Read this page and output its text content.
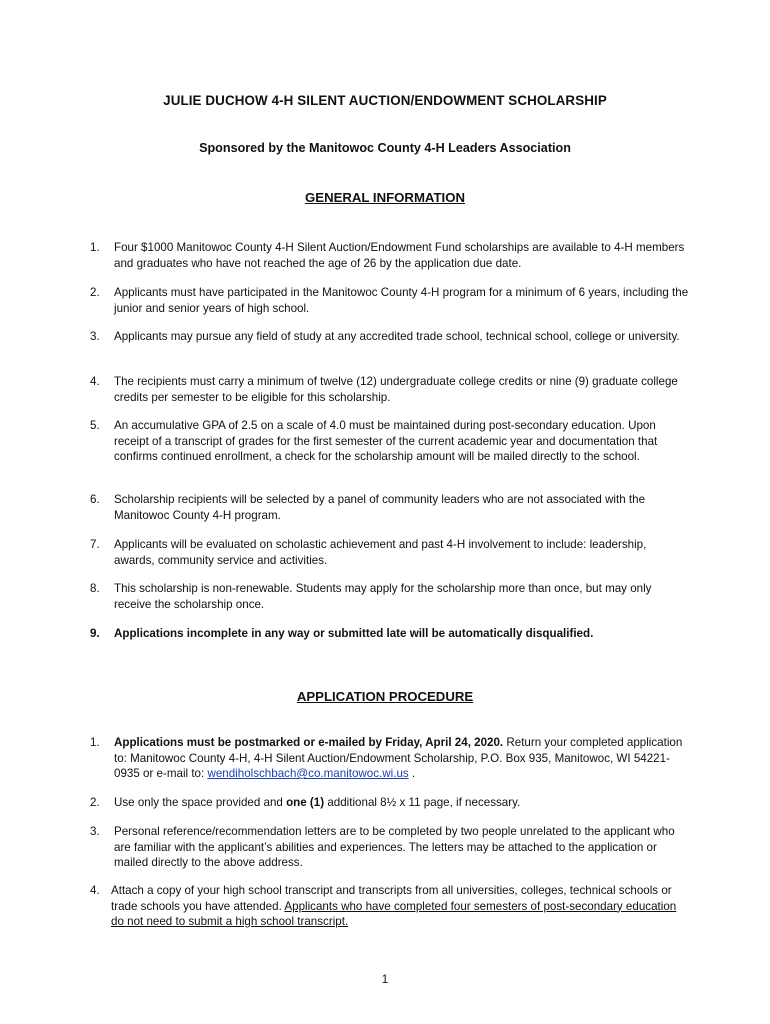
JULIE DUCHOW 4-H SILENT AUCTION/ENDOWMENT SCHOLARSHIP
Sponsored by the Manitowoc County 4-H Leaders Association
GENERAL INFORMATION
1. Four $1000 Manitowoc County 4-H Silent Auction/Endowment Fund scholarships are available to 4-H members and graduates who have not reached the age of 26 by the application due date.
2. Applicants must have participated in the Manitowoc County 4-H program for a minimum of 6 years, including the junior and senior years of high school.
3. Applicants may pursue any field of study at any accredited trade school, technical school, college or university.
4. The recipients must carry a minimum of twelve (12) undergraduate college credits or nine (9) graduate college credits per semester to be eligible for this scholarship.
5. An accumulative GPA of 2.5 on a scale of 4.0 must be maintained during post-secondary education. Upon receipt of a transcript of grades for the first semester of the current academic year and documentation that confirms continued enrollment, a check for the scholarship amount will be mailed directly to the school.
6. Scholarship recipients will be selected by a panel of community leaders who are not associated with the Manitowoc County 4-H program.
7. Applicants will be evaluated on scholastic achievement and past 4-H involvement to include: leadership, awards, community service and activities.
8. This scholarship is non-renewable. Students may apply for the scholarship more than once, but may only receive the scholarship once.
9. Applications incomplete in any way or submitted late will be automatically disqualified.
APPLICATION PROCEDURE
1. Applications must be postmarked or e-mailed by Friday, April 24, 2020. Return your completed application to: Manitowoc County 4-H, 4-H Silent Auction/Endowment Scholarship, P.O. Box 935, Manitowoc, WI 54221-0935 or e-mail to: wendiholschbach@co.manitowoc.wi.us .
2. Use only the space provided and one (1) additional 8½ x 11 page, if necessary.
3. Personal reference/recommendation letters are to be completed by two people unrelated to the applicant who are familiar with the applicant’s abilities and experiences. The letters may be attached to the application or mailed directly to the above address.
4. Attach a copy of your high school transcript and transcripts from all universities, colleges, technical schools or trade schools you have attended. Applicants who have completed four semesters of post-secondary education do not need to submit a high school transcript.
1
